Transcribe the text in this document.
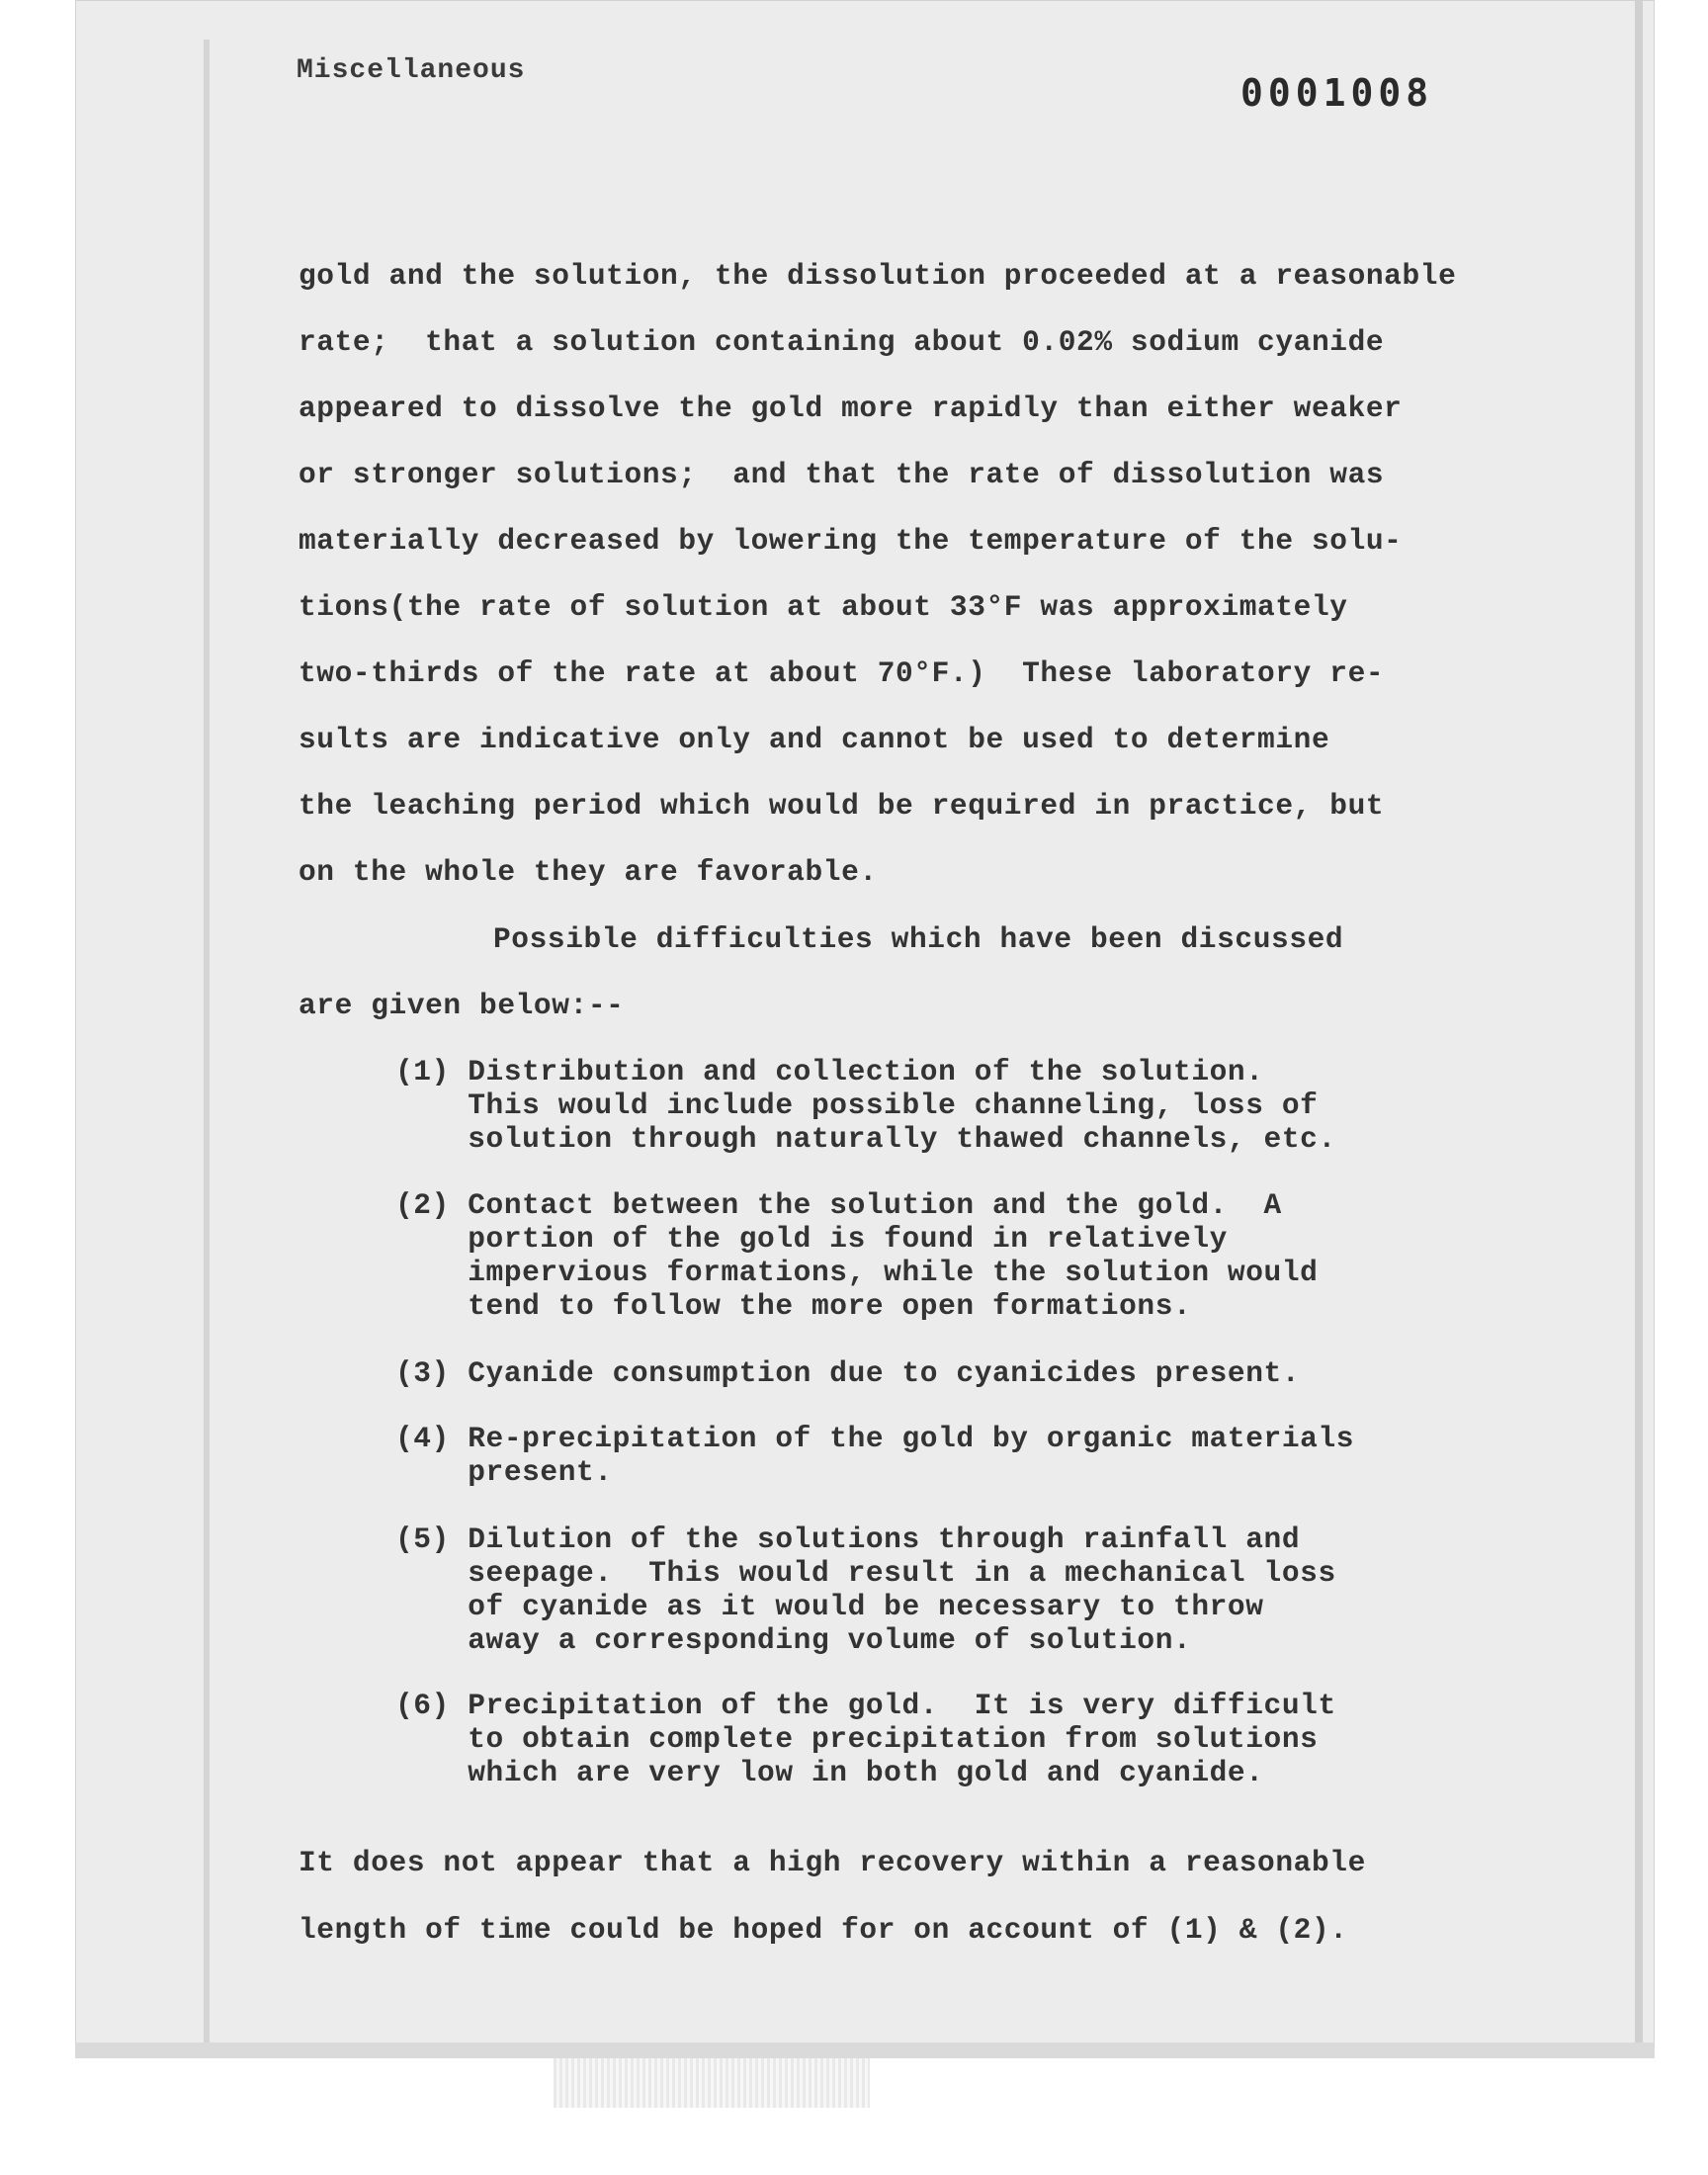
Miscellaneous
0001008
gold and the solution, the dissolution proceeded at a reasonable
rate;  that a solution containing about 0.02% sodium cyanide
appeared to dissolve the gold more rapidly than either weaker
or stronger solutions;  and that the rate of dissolution was
materially decreased by lowering the temperature of the solu-
tions(the rate of solution at about 33°F was approximately
two-thirds of the rate at about 70°F.)  These laboratory re-
sults are indicative only and cannot be used to determine
the leaching period which would be required in practice, but
on the whole they are favorable.
Possible difficulties which have been discussed
are given below:--
(1) Distribution and collection of the solution.
This would include possible channeling, loss of
solution through naturally thawed channels, etc.
(2) Contact between the solution and the gold.  A
portion of the gold is found in relatively
impervious formations, while the solution would
tend to follow the more open formations.
(3) Cyanide consumption due to cyanicides present.
(4) Re-precipitation of the gold by organic materials
present.
(5) Dilution of the solutions through rainfall and
seepage.  This would result in a mechanical loss
of cyanide as it would be necessary to throw
away a corresponding volume of solution.
(6) Precipitation of the gold.  It is very difficult
to obtain complete precipitation from solutions
which are very low in both gold and cyanide.
It does not appear that a high recovery within a reasonable
length of time could be hoped for on account of (1) & (2).
